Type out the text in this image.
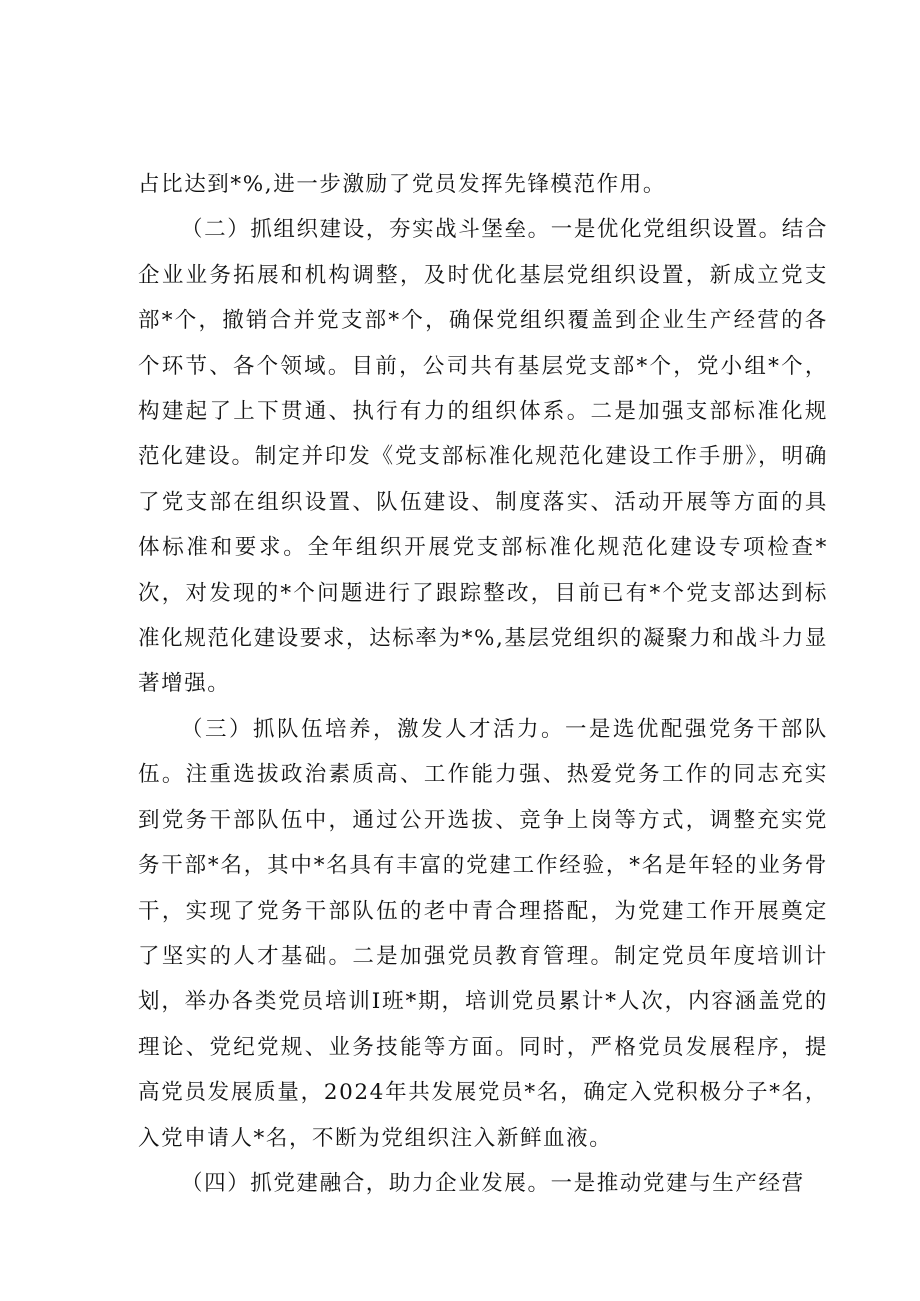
占比达到*%,进一步激励了党员发挥先锋模范作用。

（二）抓组织建设，夯实战斗堡垒。一是优化党组织设置。结合企业业务拓展和机构调整，及时优化基层党组织设置，新成立党支部*个，撤销合并党支部*个，确保党组织覆盖到企业生产经营的各个环节、各个领域。目前，公司共有基层党支部*个，党小组*个，构建起了上下贯通、执行有力的组织体系。二是加强支部标准化规范化建设。制定并印发《党支部标准化规范化建设工作手册》，明确了党支部在组织设置、队伍建设、制度落实、活动开展等方面的具体标准和要求。全年组织开展党支部标准化规范化建设专项检查*次，对发现的*个问题进行了跟踪整改，目前已有*个党支部达到标准化规范化建设要求，达标率为*%,基层党组织的凝聚力和战斗力显著增强。

（三）抓队伍培养，激发人才活力。一是选优配强党务干部队伍。注重选拔政治素质高、工作能力强、热爱党务工作的同志充实到党务干部队伍中，通过公开选拔、竞争上岗等方式，调整充实党务干部*名，其中*名具有丰富的党建工作经验，*名是年轻的业务骨干，实现了党务干部队伍的老中青合理搭配，为党建工作开展奠定了坚实的人才基础。二是加强党员教育管理。制定党员年度培训计划，举办各类党员培训I班*期，培训党员累计*人次，内容涵盖党的理论、党纪党规、业务技能等方面。同时，严格党员发展程序，提高党员发展质量，2024年共发展党员*名，确定入党积极分子*名，入党申请人*名，不断为党组织注入新鲜血液。

（四）抓党建融合，助力企业发展。一是推动党建与生产经营
